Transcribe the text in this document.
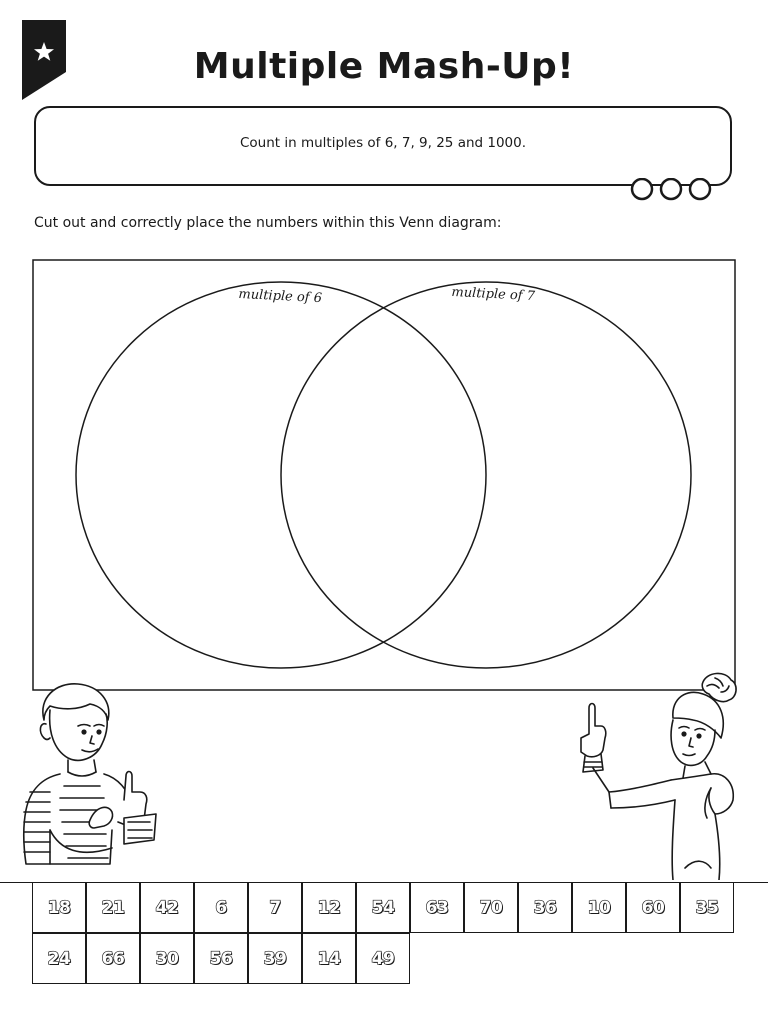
Multiple Mash-Up!
Count in multiples of 6, 7, 9, 25 and 1000.
Cut out and correctly place the numbers within this Venn diagram:
multiple of 6	multiple of 7
18 21 42 6	7 12 54 63 70 36 10 60 35
24 66 30 56 39 14 49
